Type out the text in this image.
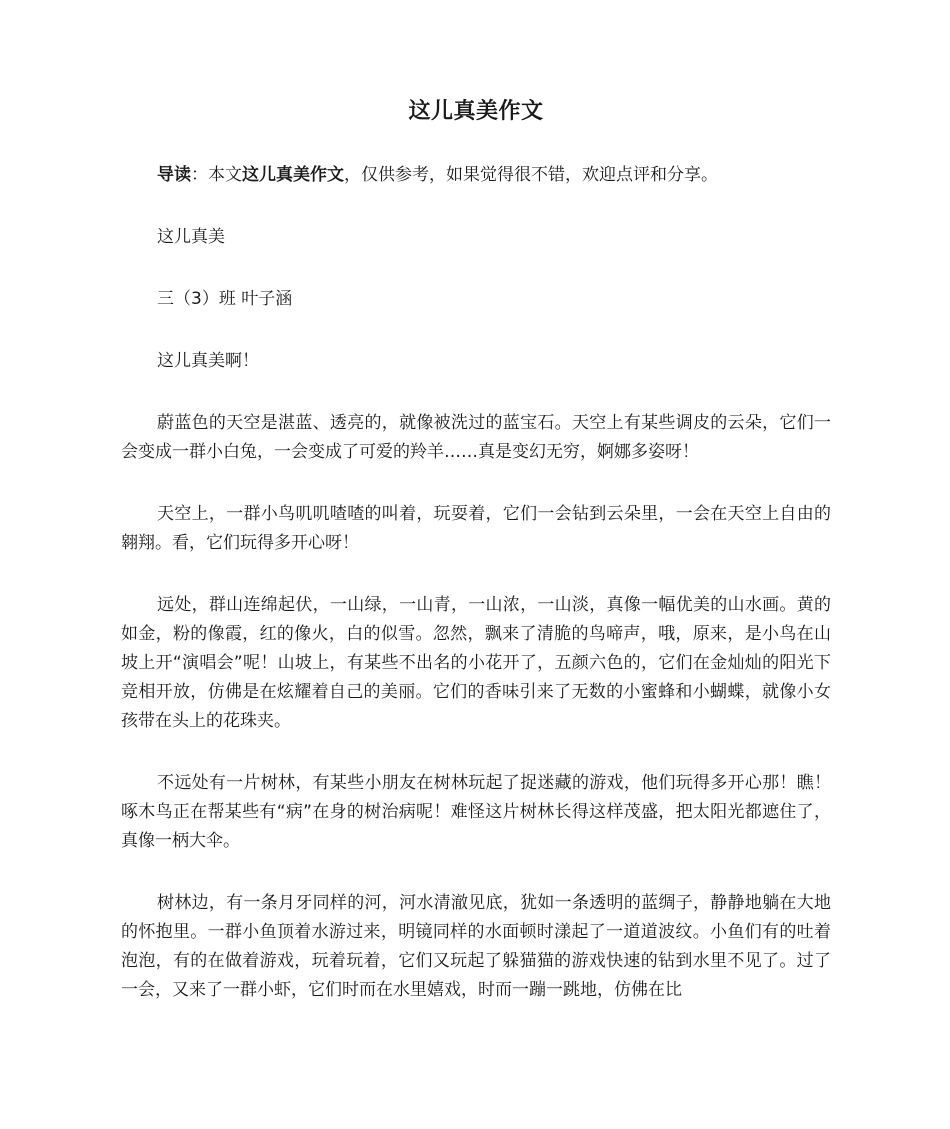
这儿真美作文

导读：本文这儿真美作文，仅供参考，如果觉得很不错，欢迎点评和分享。

这儿真美

三（3）班 叶子涵

这儿真美啊！

蔚蓝色的天空是湛蓝、透亮的，就像被洗过的蓝宝石。天空上有某些调皮的云朵，它们一会变成一群小白兔，一会变成了可爱的羚羊……真是变幻无穷，婀娜多姿呀！

天空上，一群小鸟叽叽喳喳的叫着，玩耍着，它们一会钻到云朵里，一会在天空上自由的翱翔。看，它们玩得多开心呀！

远处，群山连绵起伏，一山绿，一山青，一山浓，一山淡，真像一幅优美的山水画。黄的如金，粉的像霞，红的像火，白的似雪。忽然，飘来了清脆的鸟啼声，哦，原来，是小鸟在山坡上开“演唱会”呢！山坡上，有某些不出名的小花开了，五颜六色的，它们在金灿灿的阳光下竞相开放，仿佛是在炫耀着自己的美丽。它们的香味引来了无数的小蜜蜂和小蝴蝶，就像小女孩带在头上的花珠夹。

不远处有一片树林，有某些小朋友在树林玩起了捉迷藏的游戏，他们玩得多开心那！瞧！啄木鸟正在帮某些有“病”在身的树治病呢！难怪这片树林长得这样茂盛，把太阳光都遮住了，真像一柄大伞。

树林边，有一条月牙同样的河，河水清澈见底，犹如一条透明的蓝绸子，静静地躺在大地的怀抱里。一群小鱼顶着水游过来，明镜同样的水面顿时漾起了一道道波纹。小鱼们有的吐着泡泡，有的在做着游戏，玩着玩着，它们又玩起了躲猫猫的游戏快速的钻到水里不见了。过了一会，又来了一群小虾，它们时而在水里嬉戏，时而一蹦一跳地，仿佛在比
